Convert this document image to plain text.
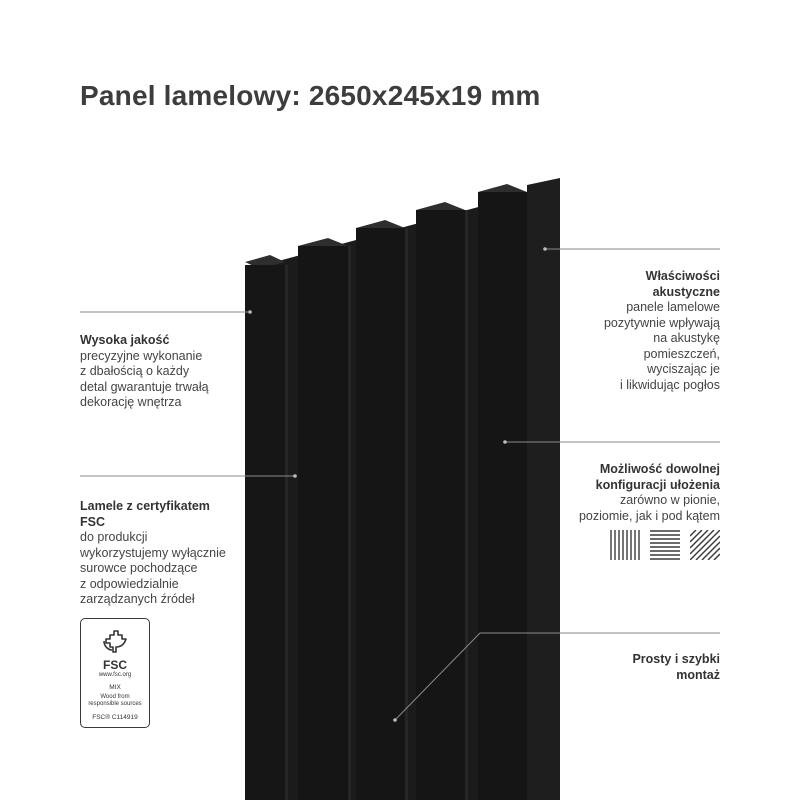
Panel lamelowy: 2650x245x19 mm
Wysoka jakość
precyzyjne wykonanie
z dbałością o każdy
detal gwarantuje trwałą
dekorację wnętrza
Lamele z certyfikatem
FSC
do produkcji
wykorzystujemy wyłącznie
surowce pochodzące
z odpowiedzialnie
zarządzanych źródeł
Właściwości
akustyczne
panele lamelowe
pozytywnie wpływają
na akustykę
pomieszczeń,
wyciszając je
i likwidując pogłos
Możliwość dowolnej
konfiguracji ułożenia
zarówno w pionie,
poziomie, jak i pod kątem
Prosty i szybki
montaż
FSC
www.fsc.org
MIX
Wood from
responsible sources
FSC® C114919
